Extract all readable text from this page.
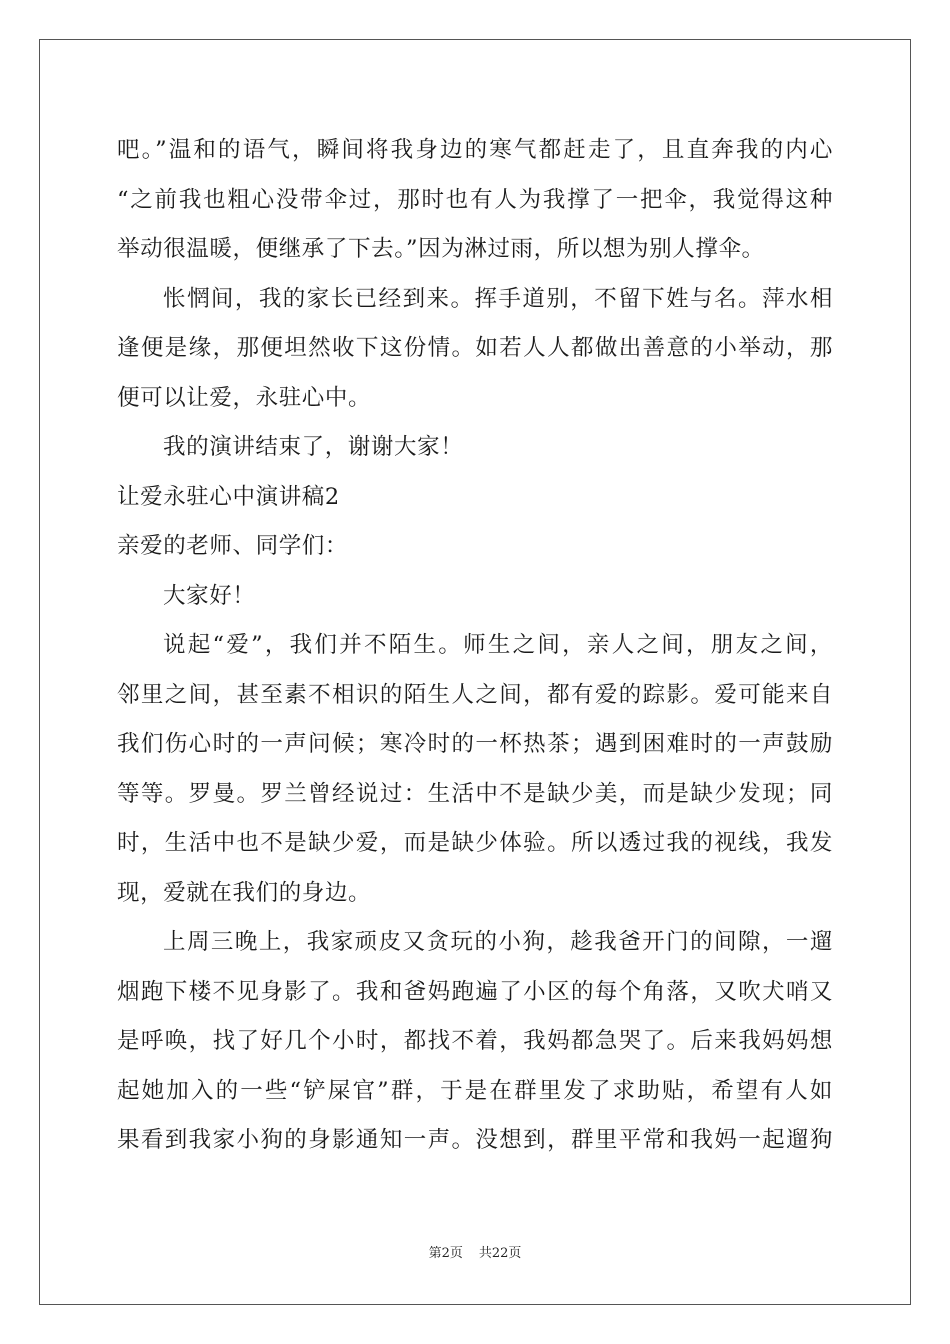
吧。”温和的语气，瞬间将我身边的寒气都赶走了，且直奔我的内心
“之前我也粗心没带伞过，那时也有人为我撑了一把伞，我觉得这种
举动很温暖，便继承了下去。”因为淋过雨，所以想为别人撑伞。
怅惘间，我的家长已经到来。挥手道别，不留下姓与名。萍水相
逢便是缘，那便坦然收下这份情。如若人人都做出善意的小举动，那
便可以让爱，永驻心中。
我的演讲结束了，谢谢大家！
让爱永驻心中演讲稿2
亲爱的老师、同学们：
大家好！
说起“爱”，我们并不陌生。师生之间，亲人之间，朋友之间，
邻里之间，甚至素不相识的陌生人之间，都有爱的踪影。爱可能来自
我们伤心时的一声问候；寒冷时的一杯热茶；遇到困难时的一声鼓励
等等。罗曼。罗兰曾经说过：生活中不是缺少美，而是缺少发现；同
时，生活中也不是缺少爱，而是缺少体验。所以透过我的视线，我发
现，爱就在我们的身边。
上周三晚上，我家顽皮又贪玩的小狗，趁我爸开门的间隙，一遛
烟跑下楼不见身影了。我和爸妈跑遍了小区的每个角落，又吹犬哨又
是呼唤，找了好几个小时，都找不着，我妈都急哭了。后来我妈妈想
起她加入的一些“铲屎官”群，于是在群里发了求助贴，希望有人如
果看到我家小狗的身影通知一声。没想到，群里平常和我妈一起遛狗
第2页 共22页
